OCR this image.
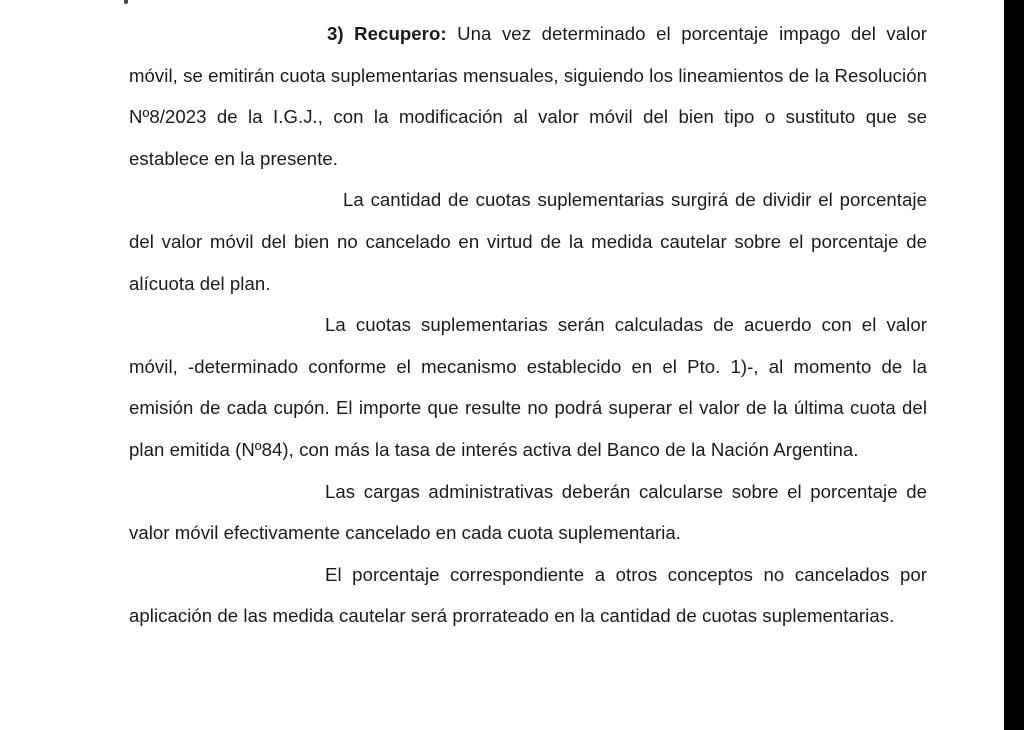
3) Recupero: Una vez determinado el porcentaje impago del valor móvil, se emitirán cuota suplementarias mensuales, siguiendo los lineamientos de la Resolución Nº8/2023 de la I.G.J., con la modificación al valor móvil del bien tipo o sustituto que se establece en la presente.

La cantidad de cuotas suplementarias surgirá de dividir el porcentaje del valor móvil del bien no cancelado en virtud de la medida cautelar sobre el porcentaje de alícuota del plan.

La cuotas suplementarias serán calculadas de acuerdo con el valor móvil, -determinado conforme el mecanismo establecido en el Pto. 1)-, al momento de la emisión de cada cupón. El importe que resulte no podrá superar el valor de la última cuota del plan emitida (Nº84), con más la tasa de interés activa del Banco de la Nación Argentina.

Las cargas administrativas deberán calcularse sobre el porcentaje de valor móvil efectivamente cancelado en cada cuota suplementaria.

El porcentaje correspondiente a otros conceptos no cancelados por aplicación de las medida cautelar será prorrateado en la cantidad de cuotas suplementarias.
